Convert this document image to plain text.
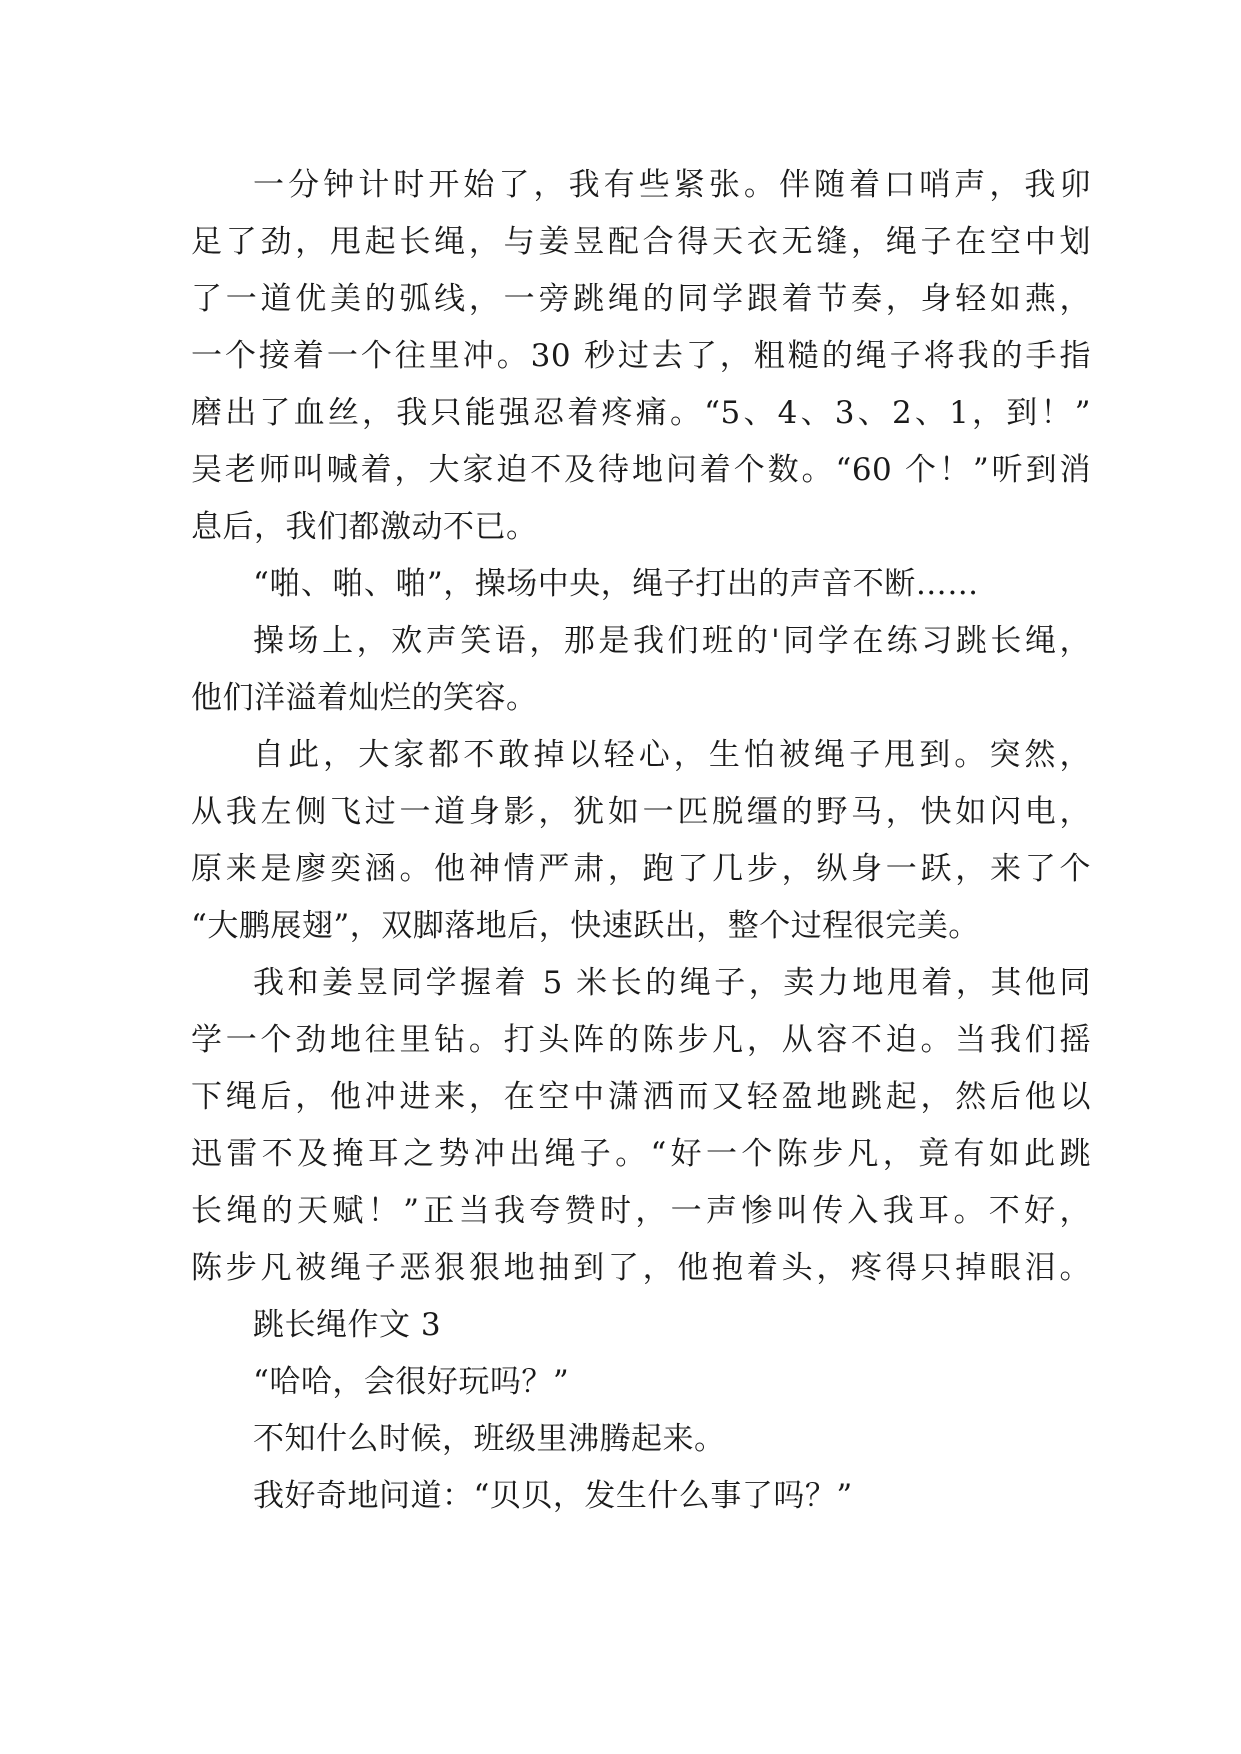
一分钟计时开始了，我有些紧张。伴随着口哨声，我卯
足了劲，甩起长绳，与姜昱配合得天衣无缝，绳子在空中划
了一道优美的弧线，一旁跳绳的同学跟着节奏，身轻如燕，
一个接着一个往里冲。30 秒过去了，粗糙的绳子将我的手指
磨出了血丝，我只能强忍着疼痛。“5、4、3、2、1，到！”
吴老师叫喊着，大家迫不及待地问着个数。“60 个！”听到消
息后，我们都激动不已。
“啪、啪、啪”，操场中央，绳子打出的声音不断……
操场上，欢声笑语，那是我们班的'同学在练习跳长绳，
他们洋溢着灿烂的笑容。
自此，大家都不敢掉以轻心，生怕被绳子甩到。突然，
从我左侧飞过一道身影，犹如一匹脱缰的野马，快如闪电，
原来是廖奕涵。他神情严肃，跑了几步，纵身一跃，来了个
“大鹏展翅”，双脚落地后，快速跃出，整个过程很完美。
我和姜昱同学握着 5 米长的绳子，卖力地甩着，其他同
学一个劲地往里钻。打头阵的陈步凡，从容不迫。当我们摇
下绳后，他冲进来，在空中潇洒而又轻盈地跳起，然后他以
迅雷不及掩耳之势冲出绳子。“好一个陈步凡，竟有如此跳
长绳的天赋！”正当我夸赞时，一声惨叫传入我耳。不好，
陈步凡被绳子恶狠狠地抽到了，他抱着头，疼得只掉眼泪。
跳长绳作文 3
“哈哈，会很好玩吗？”
不知什么时候，班级里沸腾起来。
我好奇地问道：“贝贝，发生什么事了吗？”
